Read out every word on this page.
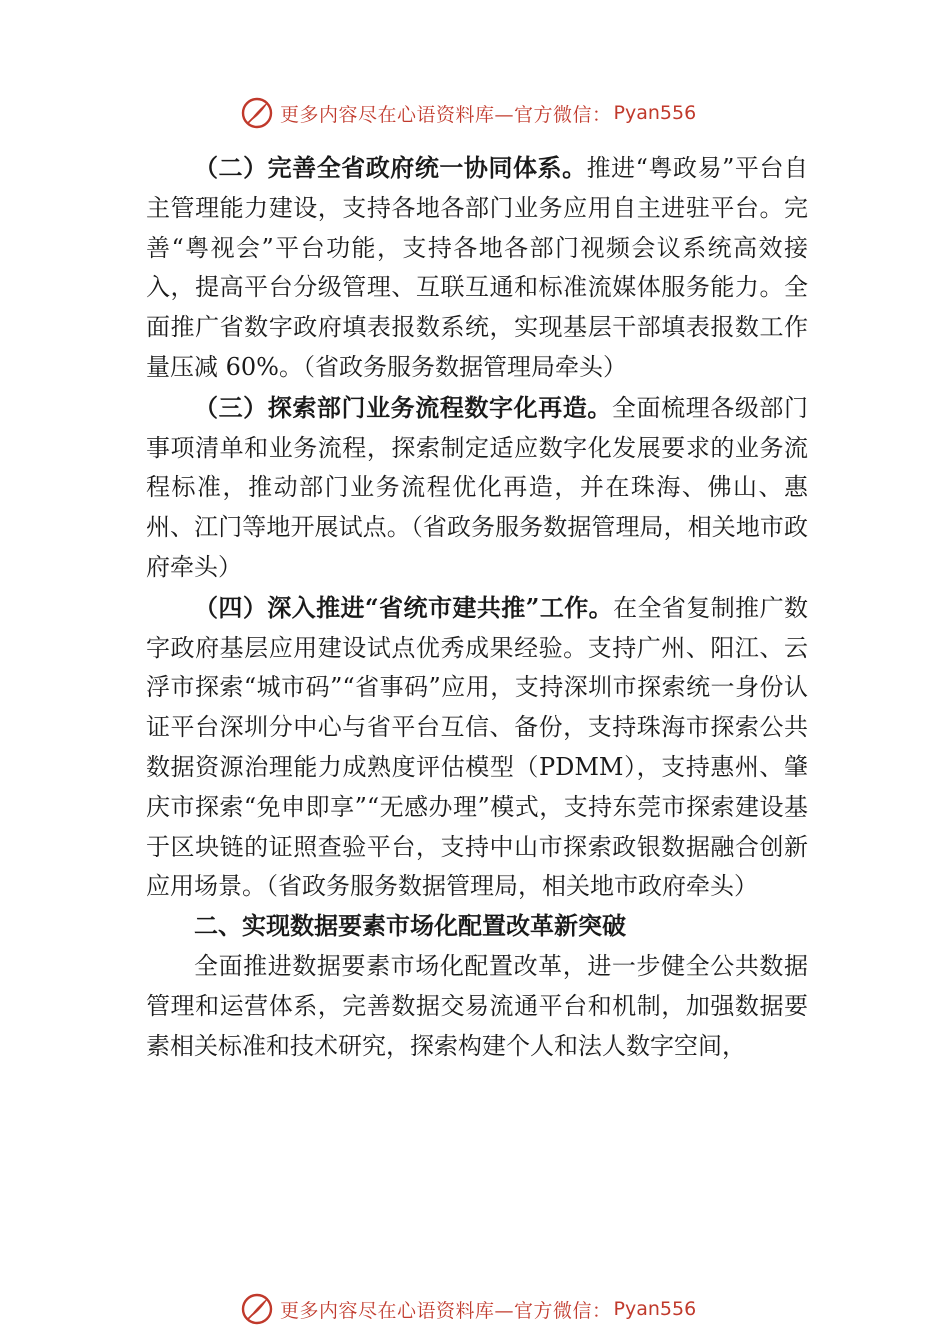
更多内容尽在心语资料库—官方微信： Pyan556

（二）完善全省政府统一协同体系。推进“粤政易”平台自主管理能力建设，支持各地各部门业务应用自主进驻平台。完善“粤视会”平台功能，支持各地各部门视频会议系统高效接入，提高平台分级管理、互联互通和标准流媒体服务能力。全面推广省数字政府填表报数系统，实现基层干部填表报数工作量压减 60%。（省政务服务数据管理局牵头）

（三）探索部门业务流程数字化再造。全面梳理各级部门事项清单和业务流程，探索制定适应数字化发展要求的业务流程标准，推动部门业务流程优化再造，并在珠海、佛山、惠州、江门等地开展试点。（省政务服务数据管理局，相关地市政府牵头）

（四）深入推进“省统市建共推”工作。在全省复制推广数字政府基层应用建设试点优秀成果经验。支持广州、阳江、云浮市探索“城市码”“省事码”应用，支持深圳市探索统一身份认证平台深圳分中心与省平台互信、备份，支持珠海市探索公共数据资源治理能力成熟度评估模型（PDMM），支持惠州、肇庆市探索“免申即享”“无感办理”模式，支持东莞市探索建设基于区块链的证照查验平台，支持中山市探索政银数据融合创新应用场景。（省政务服务数据管理局，相关地市政府牵头）

二、实现数据要素市场化配置改革新突破

全面推进数据要素市场化配置改革，进一步健全公共数据管理和运营体系，完善数据交易流通平台和机制，加强数据要素相关标准和技术研究，探索构建个人和法人数字空间，

更多内容尽在心语资料库—官方微信： Pyan556
